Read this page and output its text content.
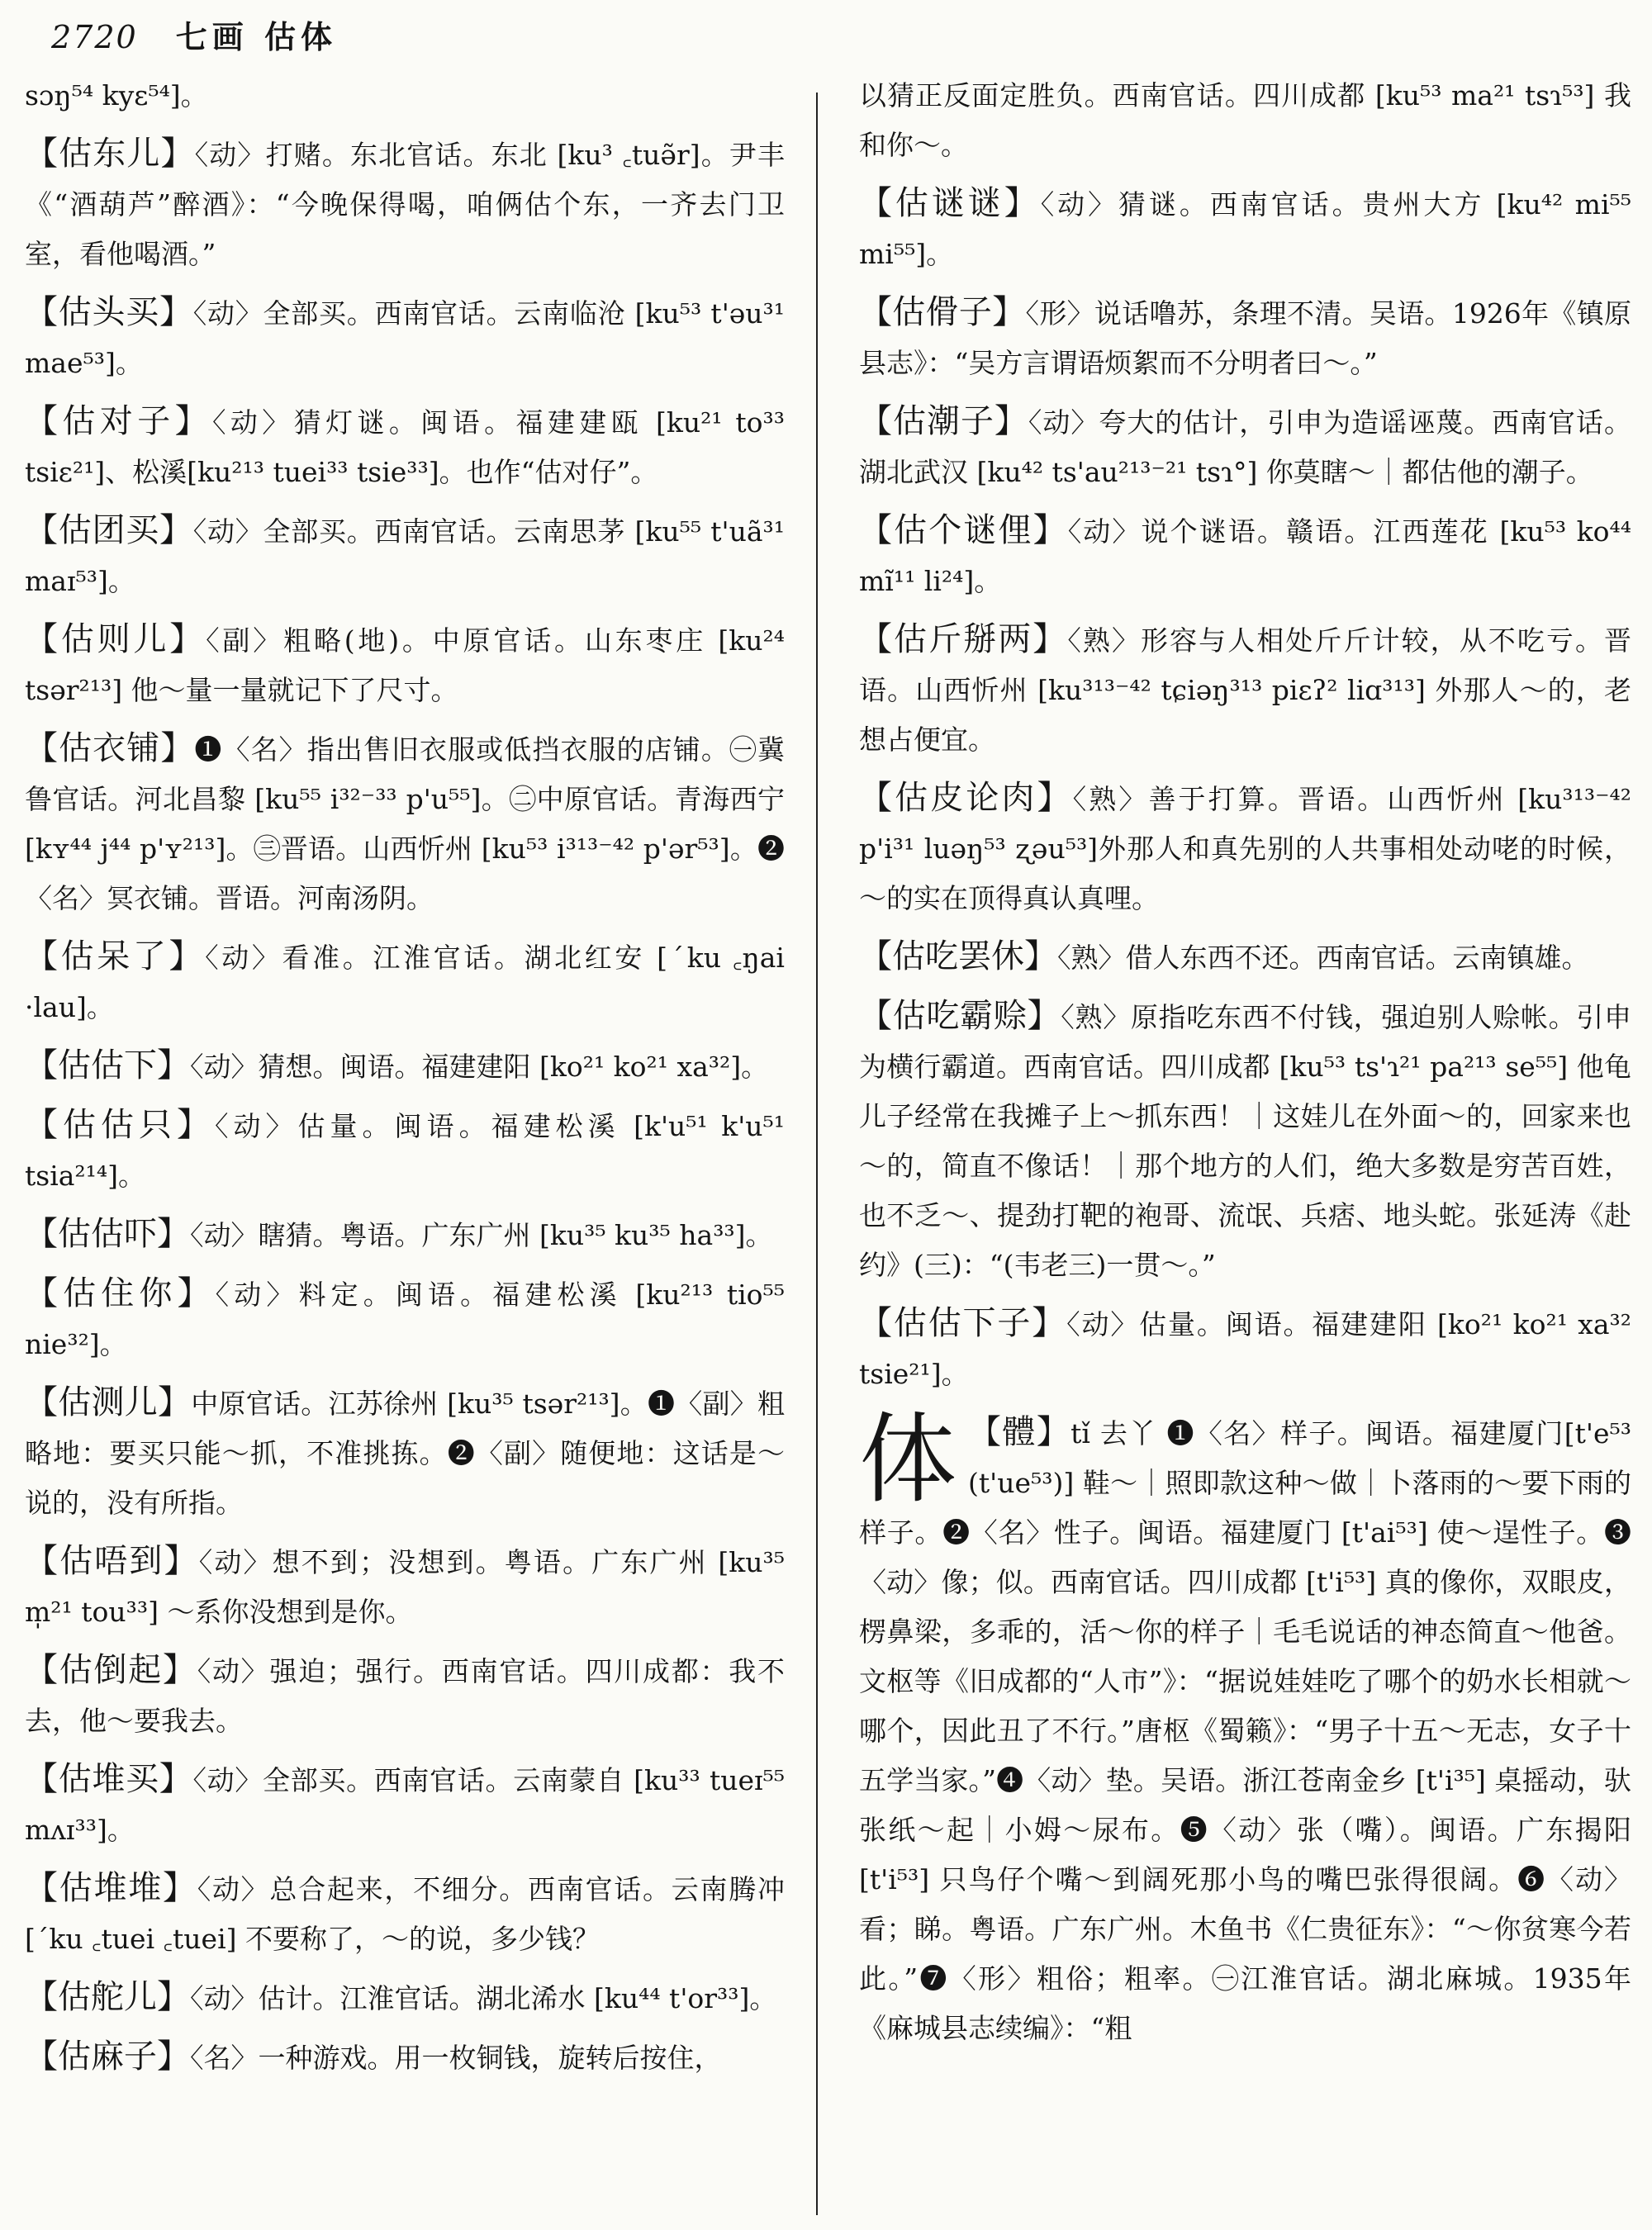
2720 七画 估体
sɔŋ⁵⁴ kyɛ⁵⁴]。
【估东儿】〈动〉打赌。东北官话。东北 [ku³ ꜀tuə̃r]。尹丰《“酒葫芦”醉酒》：“今晚保得喝，咱俩估个东，一齐去门卫室，看他喝酒。”
【估头买】〈动〉全部买。西南官话。云南临沧 [ku⁵³ t'əu³¹ mae⁵³]。
【估对子】〈动〉猜灯谜。闽语。福建建瓯 [ku²¹ to³³ tsiɛ²¹]、松溪[ku²¹³ tuei³³ tsie³³]。也作“估对仔”。
【估团买】〈动〉全部买。西南官话。云南思茅 [ku⁵⁵ t'uã³¹ maɪ⁵³]。
【估则儿】〈副〉粗略(地)。中原官话。山东枣庄 [ku²⁴ tsər²¹³] 他～量一量就记下了尺寸。
【估衣铺】❶〈名〉指出售旧衣服或低挡衣服的店铺。㊀冀鲁官话。河北昌黎 [ku⁵⁵ i³²⁻³³ p'u⁵⁵]。㊁中原官话。青海西宁 [kʏ⁴⁴ j⁴⁴ p'ʏ²¹³]。㊂晋语。山西忻州 [ku⁵³ i³¹³⁻⁴² p'ər⁵³]。❷〈名〉冥衣铺。晋语。河南汤阴。
【估呆了】〈动〉看准。江淮官话。湖北红安 [ˊku ꜀ŋai ·lau]。
【估估下】〈动〉猜想。闽语。福建建阳 [ko²¹ ko²¹ xa³²]。
【估估只】〈动〉估量。闽语。福建松溪 [k'u⁵¹ k'u⁵¹ tsia²¹⁴]。
【估估吓】〈动〉瞎猜。粤语。广东广州 [ku³⁵ ku³⁵ ha³³]。
【估住你】〈动〉料定。闽语。福建松溪 [ku²¹³ tio⁵⁵ nie³²]。
【估测儿】中原官话。江苏徐州 [ku³⁵ tsər²¹³]。❶〈副〉粗略地：要买只能～抓，不准挑拣。❷〈副〉随便地：这话是～说的，没有所指。
【估唔到】〈动〉想不到；没想到。粤语。广东广州 [ku³⁵ m̩²¹ tou³³] ～系你没想到是你。
【估倒起】〈动〉强迫；强行。西南官话。四川成都：我不去，他～要我去。
【估堆买】〈动〉全部买。西南官话。云南蒙自 [ku³³ tueɪ⁵⁵ mʌɪ³³]。
【估堆堆】〈动〉总合起来，不细分。西南官话。云南腾冲 [ˊku ꜀tuei ꜀tuei] 不要称了，～的说，多少钱？
【估舵儿】〈动〉估计。江淮官话。湖北浠水 [ku⁴⁴ t'or³³]。
【估麻子】〈名〉一种游戏。用一枚铜钱，旋转后按住，
以猜正反面定胜负。西南官话。四川成都 [ku⁵³ ma²¹ tsɿ⁵³] 我和你～。
【估谜谜】〈动〉猜谜。西南官话。贵州大方 [ku⁴² mi⁵⁵ mi⁵⁵]。
【估傦子】〈形〉说话噜苏，条理不清。吴语。1926年《镇原县志》：“吴方言谓语烦絮而不分明者曰～。”
【估潮子】〈动〉夸大的估计，引申为造谣诬蔑。西南官话。湖北武汉 [ku⁴² ts'au²¹³⁻²¹ tsɿ°] 你莫瞎～｜都估他的潮子。
【估个谜俚】〈动〉说个谜语。赣语。江西莲花 [ku⁵³ ko⁴⁴ mĩ¹¹ li²⁴]。
【估斤掰两】〈熟〉形容与人相处斤斤计较，从不吃亏。晋语。山西忻州 [ku³¹³⁻⁴² tɕiəŋ³¹³ piɛʔ² liɑ³¹³] 外那人～的，老想占便宜。
【估皮论肉】〈熟〉善于打算。晋语。山西忻州 [ku³¹³⁻⁴² p'i³¹ luəŋ⁵³ ʐəu⁵³]外那人和真先别的人共事相处动咾的时候，～的实在顶得真认真哩。
【估吃罢休】〈熟〉借人东西不还。西南官话。云南镇雄。
【估吃霸赊】〈熟〉原指吃东西不付钱，强迫别人赊帐。引申为横行霸道。西南官话。四川成都 [ku⁵³ ts'ɿ²¹ pa²¹³ se⁵⁵] 他龟儿子经常在我摊子上～抓东西！｜这娃儿在外面～的，回家来也～的，简直不像话！｜那个地方的人们，绝大多数是穷苦百姓，也不乏～、提劲打靶的袍哥、流氓、兵痞、地头蛇。张延涛《赴约》(三)：“(韦老三)一贯～。”
【估估下子】〈动〉估量。闽语。福建建阳 [ko²¹ ko²¹ xa³² tsie²¹]。
体 【體】tǐ 去丫 ❶〈名〉样子。闽语。福建厦门[t'e⁵³ (t'ue⁵³)] 鞋～｜照即款这种～做｜卜落雨的～要下雨的样子。❷〈名〉性子。闽语。福建厦门 [t'ai⁵³] 使～逞性子。❸〈动〉像；似。西南官话。四川成都 [t'i⁵³] 真的像你，双眼皮，楞鼻梁，多乖的，活～你的样子｜毛毛说话的神态简直～他爸。文枢等《旧成都的“人市”》：“据说娃娃吃了哪个的奶水长相就～哪个，因此丑了不行。”唐枢《蜀籁》：“男子十五～无志，女子十五学当家。”❹〈动〉垫。吴语。浙江苍南金乡 [t'i³⁵] 桌摇动，驮张纸～起｜小姆～尿布。❺〈动〉张（嘴）。闽语。广东揭阳 [t'i⁵³] 只鸟仔个嘴～到阔死那小鸟的嘴巴张得很阔。❻〈动〉看；睇。粤语。广东广州。木鱼书《仁贵征东》：“～你贫寒今若此。”❼〈形〉粗俗；粗率。㊀江淮官话。湖北麻城。1935年《麻城县志续编》：“粗
